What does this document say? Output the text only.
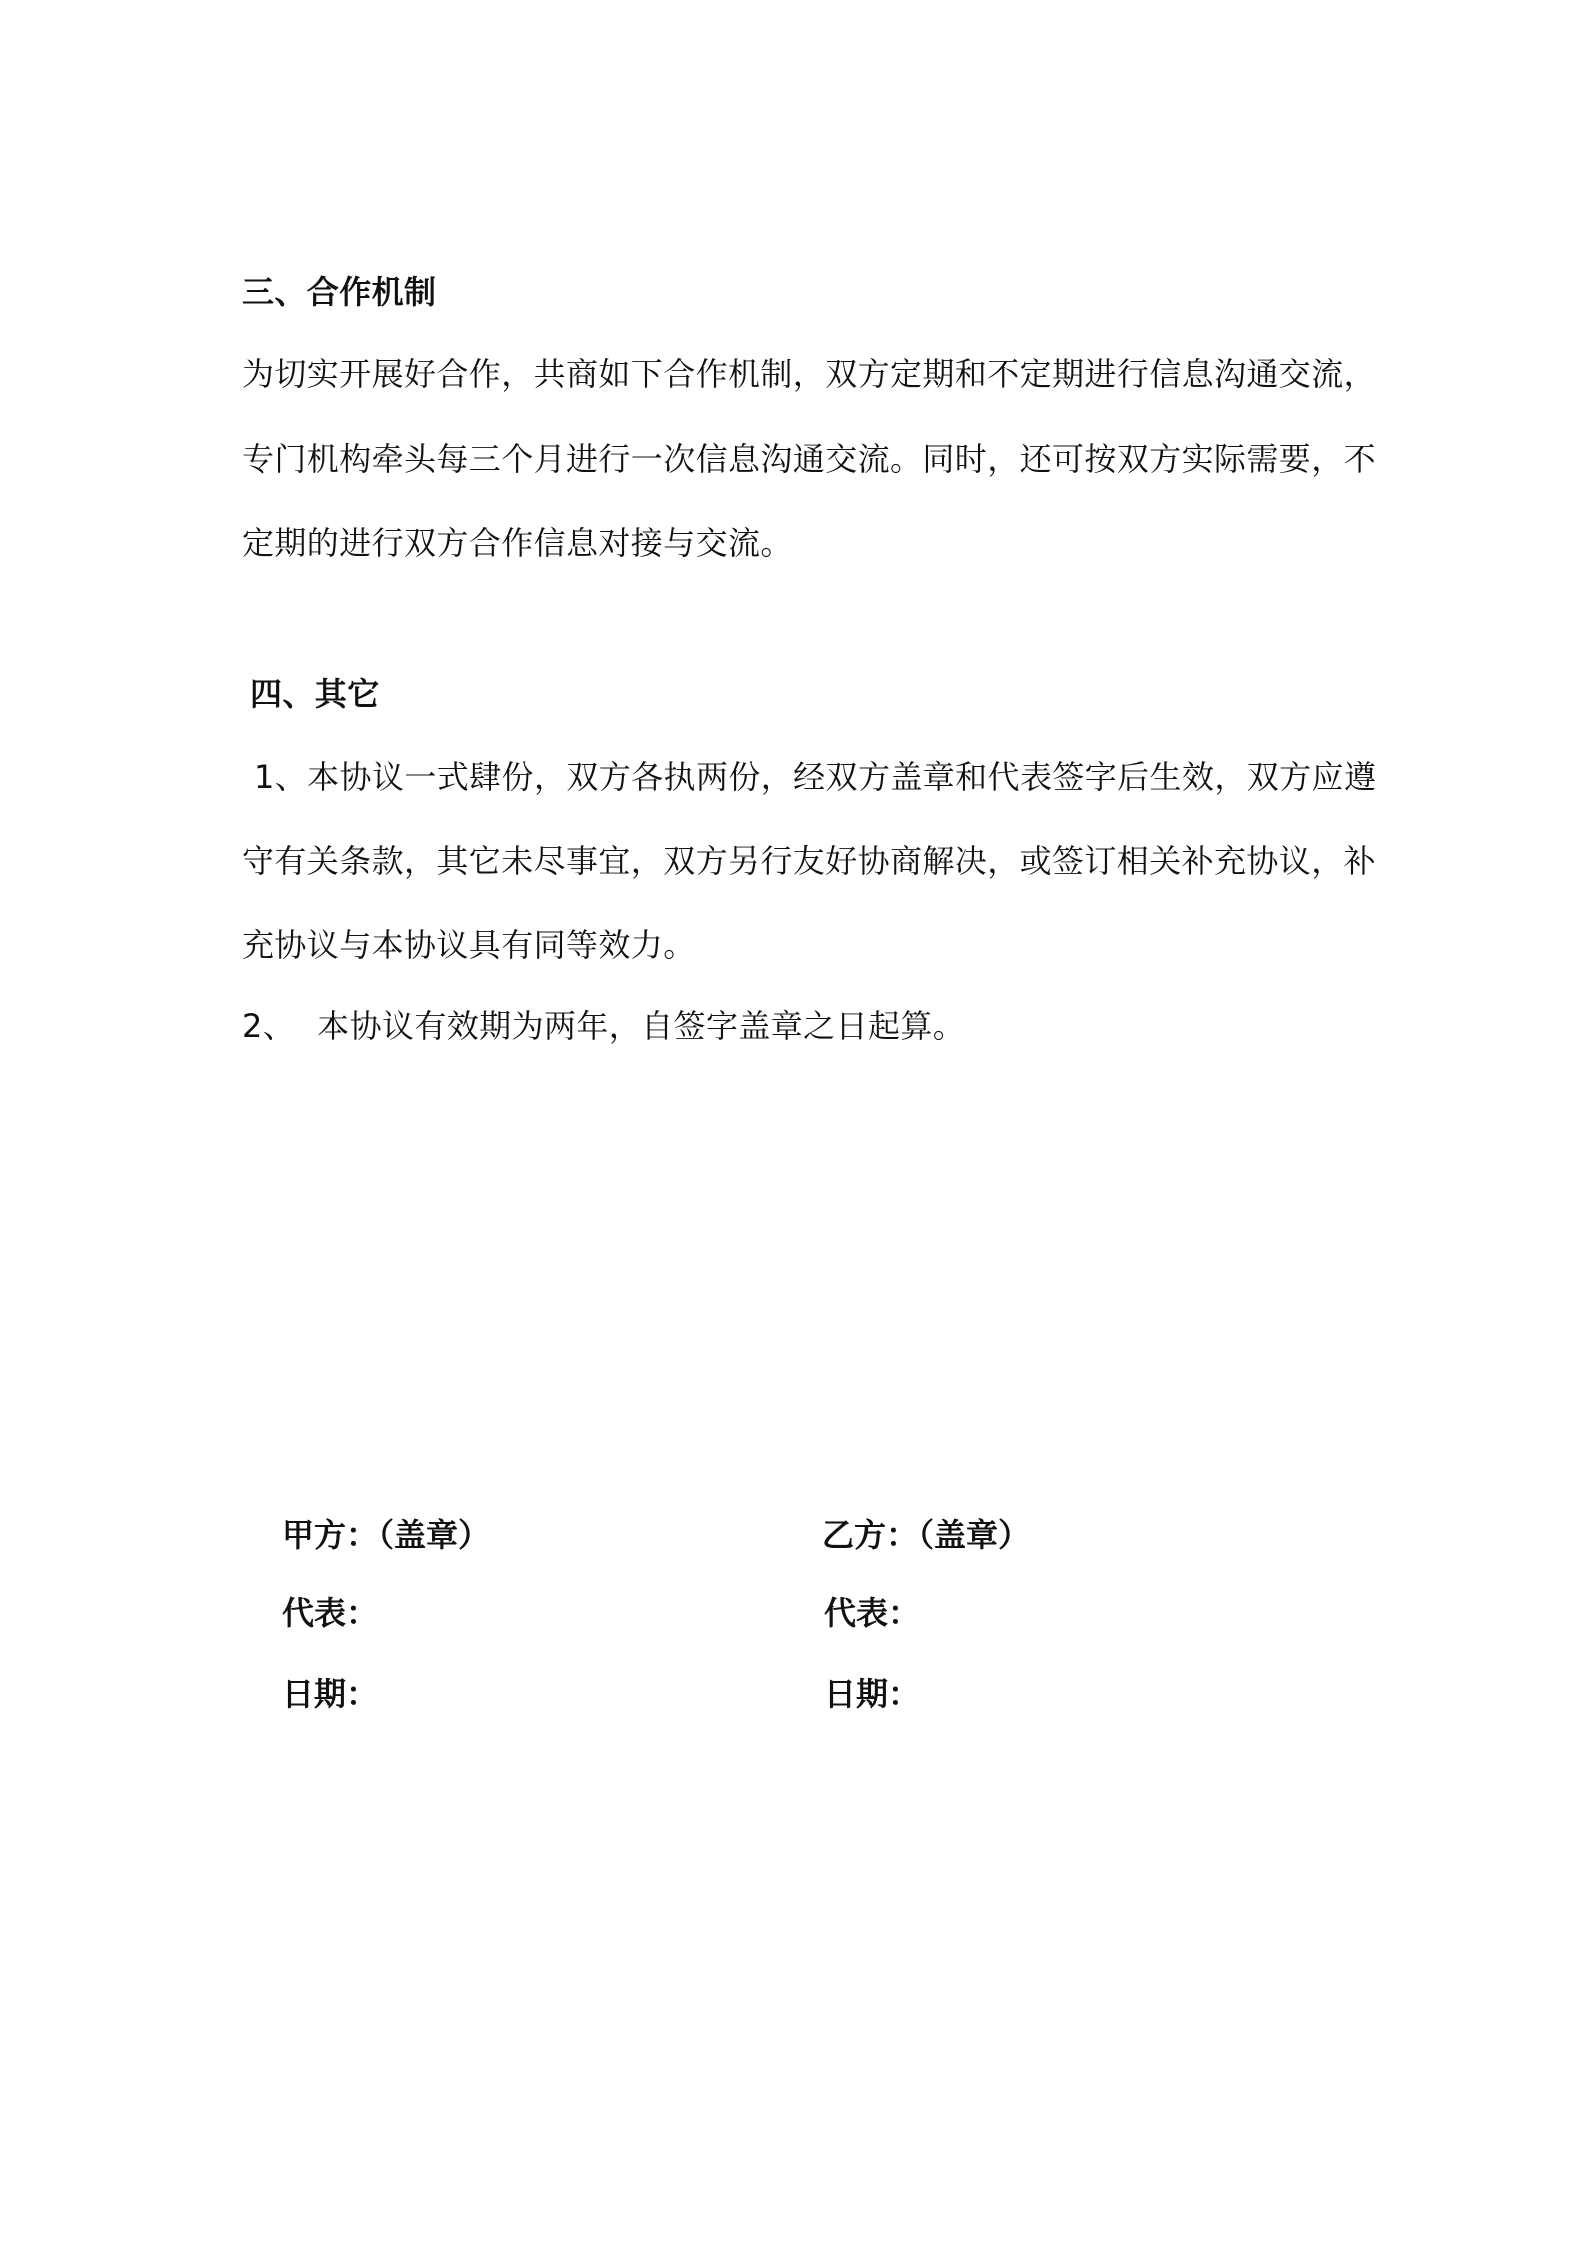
三、合作机制
为切实开展好合作，共商如下合作机制，双方定期和不定期进行信息沟通交流，
专门机构牵头每三个月进行一次信息沟通交流。同时，还可按双方实际需要，不
定期的进行双方合作信息对接与交流。
四、其它
1、本协议一式肆份，双方各执两份，经双方盖章和代表签字后生效，双方应遵
守有关条款，其它未尽事宜，双方另行友好协商解决，或签订相关补充协议，补
充协议与本协议具有同等效力。
2、 本协议有效期为两年，自签字盖章之日起算。
甲方：（盖章）
代表：
日期：
乙方：（盖章）
代表：
日期：
